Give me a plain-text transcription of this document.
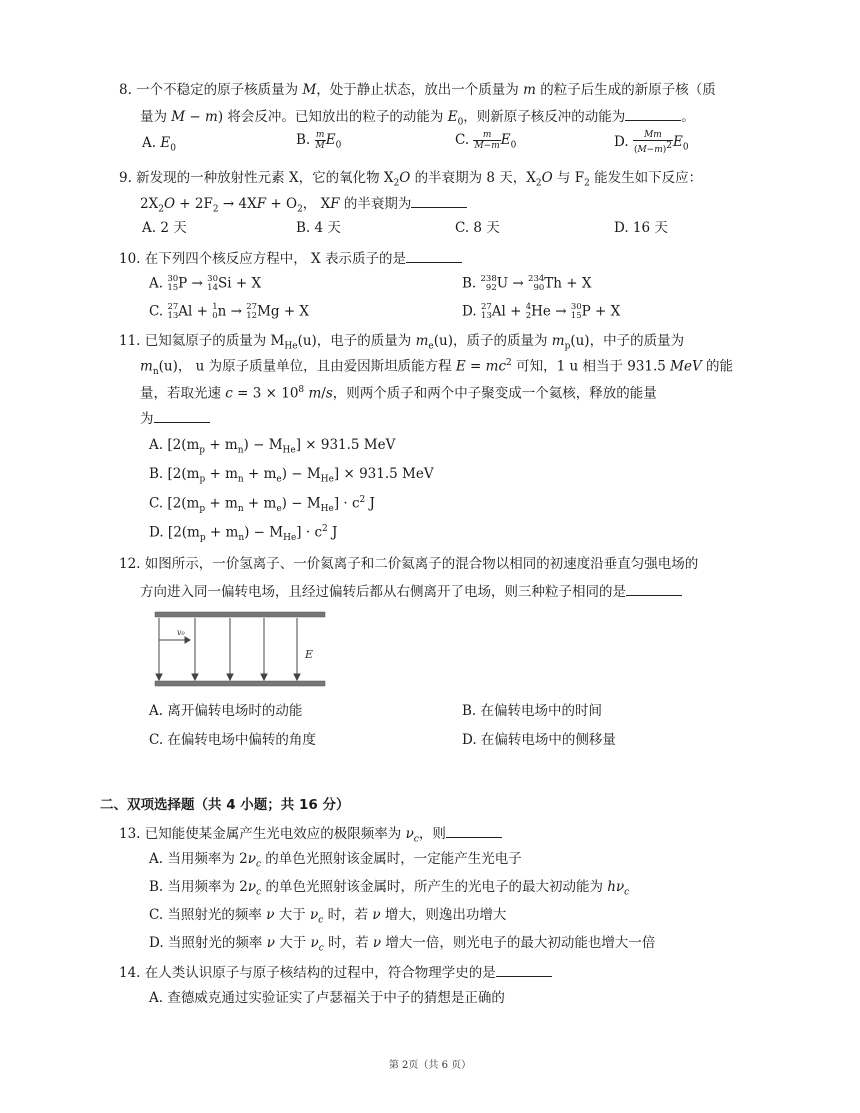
8. 一个不稳定的原子核质量为 M，处于静止状态，放出一个质量为 m 的粒子后生成的新原子核（质
量为 M − m) 将会反冲。已知放出的粒子的动能为 $E_0$，则新原子核反冲的动能为	。
A. $E_0$
B. $\frac{m}{M} E_0$	C. $\frac{m}{M-m} E_0$	D. $\frac{Mm}{(M-m)^2} E_0$
9. 新发现的一种放射性元素 X，它的氧化物 $X_2O$ 的半衰期为 8 天，$X_2O$ 与 $F_2$ 能发生如下反应：
$2X_2O + 2F_2 \to 4XF + O_2$， XF 的半衰期为
A. 2 天	B. 4 天	C. 8 天	D. 16 天
10. 在下列四个核反应方程中， X 表示质子的是
A. 30
15 P → 30
14 Si + X	B. 238
92 U → 234
90 Th + X
C. 27
13 Al + 1
0 n → 27
12 Mg + X	D. 27
13 Al + 4
2 He → 30
15 P + X
11. 已知氦原子的质量为 $M_{He}(u)$，电子的质量为 $m_e(u)$，质子的质量为 $m_p(u)$，中子的质量为
$m_n(u)$， u 为原子质量单位，且由爱因斯坦质能方程 $E = mc^2$ 可知，1 u 相当于 931.5 MeV 的能
量，若取光速 $c = 3 \times 10^8$ m/s，则两个质子和两个中子聚变成一个氦核，释放的能量
为
A. $[2(m_p + m_n) - M_{He}] \times 931.5$ MeV
B. $[2(m_p + m_n + m_e) - M_{He}] \times 931.5$ MeV
C. $[2(m_p + m_n + m_e) - M_{He}] \cdot c^2$ J
D. $[2(m_p + m_n) - M_{He}] \cdot c^2$ J
12. 如图所示，一价氢离子、一价氦离子和二价氦离子的混合物以相同的初速度沿垂直匀强电场的
方向进入同一偏转电场，且经过偏转后都从右侧离开了电场，则三种粒子相同的是
v₀
E
A. 离开偏转电场时的动能	B. 在偏转电场中的时间
C. 在偏转电场中偏转的角度	D. 在偏转电场中的侧移量
二、双项选择题（共 4 小题；共 16 分）
13. 已知能使某金属产生光电效应的极限频率为 $\nu_c$，则
A. 当用频率为 $2\nu_c$ 的单色光照射该金属时，一定能产生光电子
B. 当用频率为 $2\nu_c$ 的单色光照射该金属时，所产生的光电子的最大初动能为 $h\nu_c$
C. 当照射光的频率 ν 大于 $\nu_c$ 时，若 ν 增大，则逸出功增大
D. 当照射光的频率 ν 大于 $\nu_c$ 时，若 ν 增大一倍，则光电子的最大初动能也增大一倍
14. 在人类认识原子与原子核结构的过程中，符合物理学史的是
A. 查德威克通过实验证实了卢瑟福关于中子的猜想是正确的
第 2页（共 6 页）
